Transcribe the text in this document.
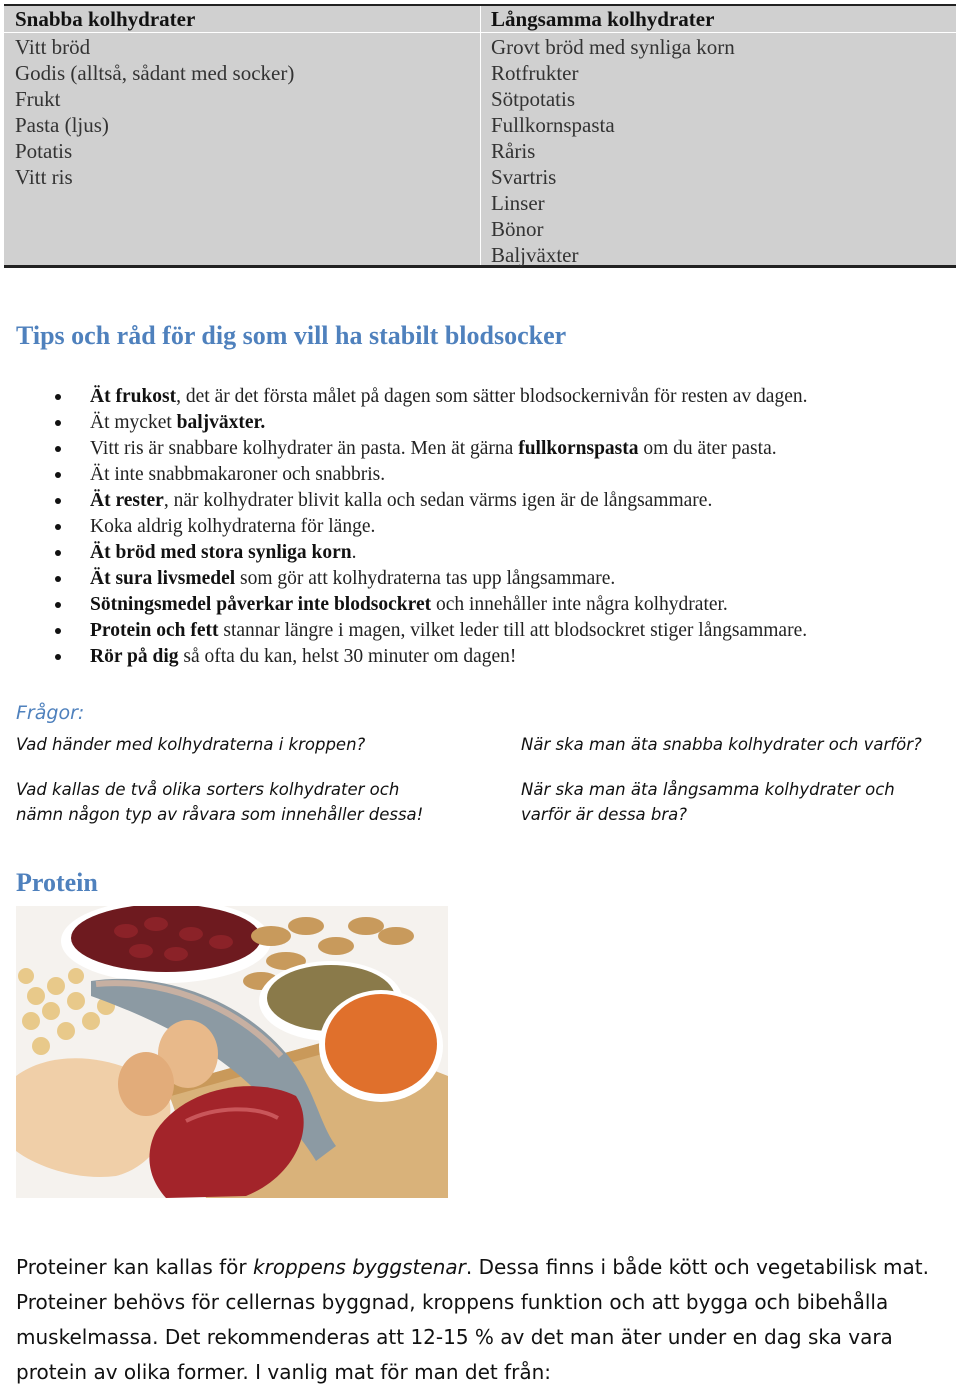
Snabba kolhydrater
Vitt bröd
Godis (alltså, sådant med socker)
Frukt
Pasta (ljus)
Potatis
Vitt ris
Långsamma kolhydrater
Grovt bröd med synliga korn
Rotfrukter
Sötpotatis
Fullkornspasta
Råris
Svartris
Linser
Bönor
Baljväxter
Tips och råd för dig som vill ha stabilt blodsocker
Ät frukost, det är det första målet på dagen som sätter blodsockernivån för resten av dagen.
Ät mycket baljväxter.
Vitt ris är snabbare kolhydrater än pasta. Men ät gärna fullkornspasta om du äter pasta.
Ät inte snabbmakaroner och snabbris.
Ät rester, när kolhydrater blivit kalla och sedan värms igen är de långsammare.
Koka aldrig kolhydraterna för länge.
Ät bröd med stora synliga korn.
Ät sura livsmedel som gör att kolhydraterna tas upp långsammare.
Sötningsmedel påverkar inte blodsockret och innehåller inte några kolhydrater.
Protein och fett stannar längre i magen, vilket leder till att blodsockret stiger långsammare.
Rör på dig så ofta du kan, helst 30 minuter om dagen!
Frågor:
Vad händer med kolhydraterna i kroppen?
Vad kallas de två olika sorters kolhydrater och
nämn någon typ av råvara som innehåller dessa!
När ska man äta snabba kolhydrater och varför?
När ska man äta långsamma kolhydrater och
varför är dessa bra?
Protein
Proteiner kan kallas för kroppens byggstenar. Dessa finns i både kött och vegetabilisk mat. Proteiner behövs för cellernas byggnad, kroppens funktion och att bygga och bibehålla muskelmassa. Det rekommenderas att 12-15 % av det man äter under en dag ska vara protein av olika former. I vanlig mat för man det från:
